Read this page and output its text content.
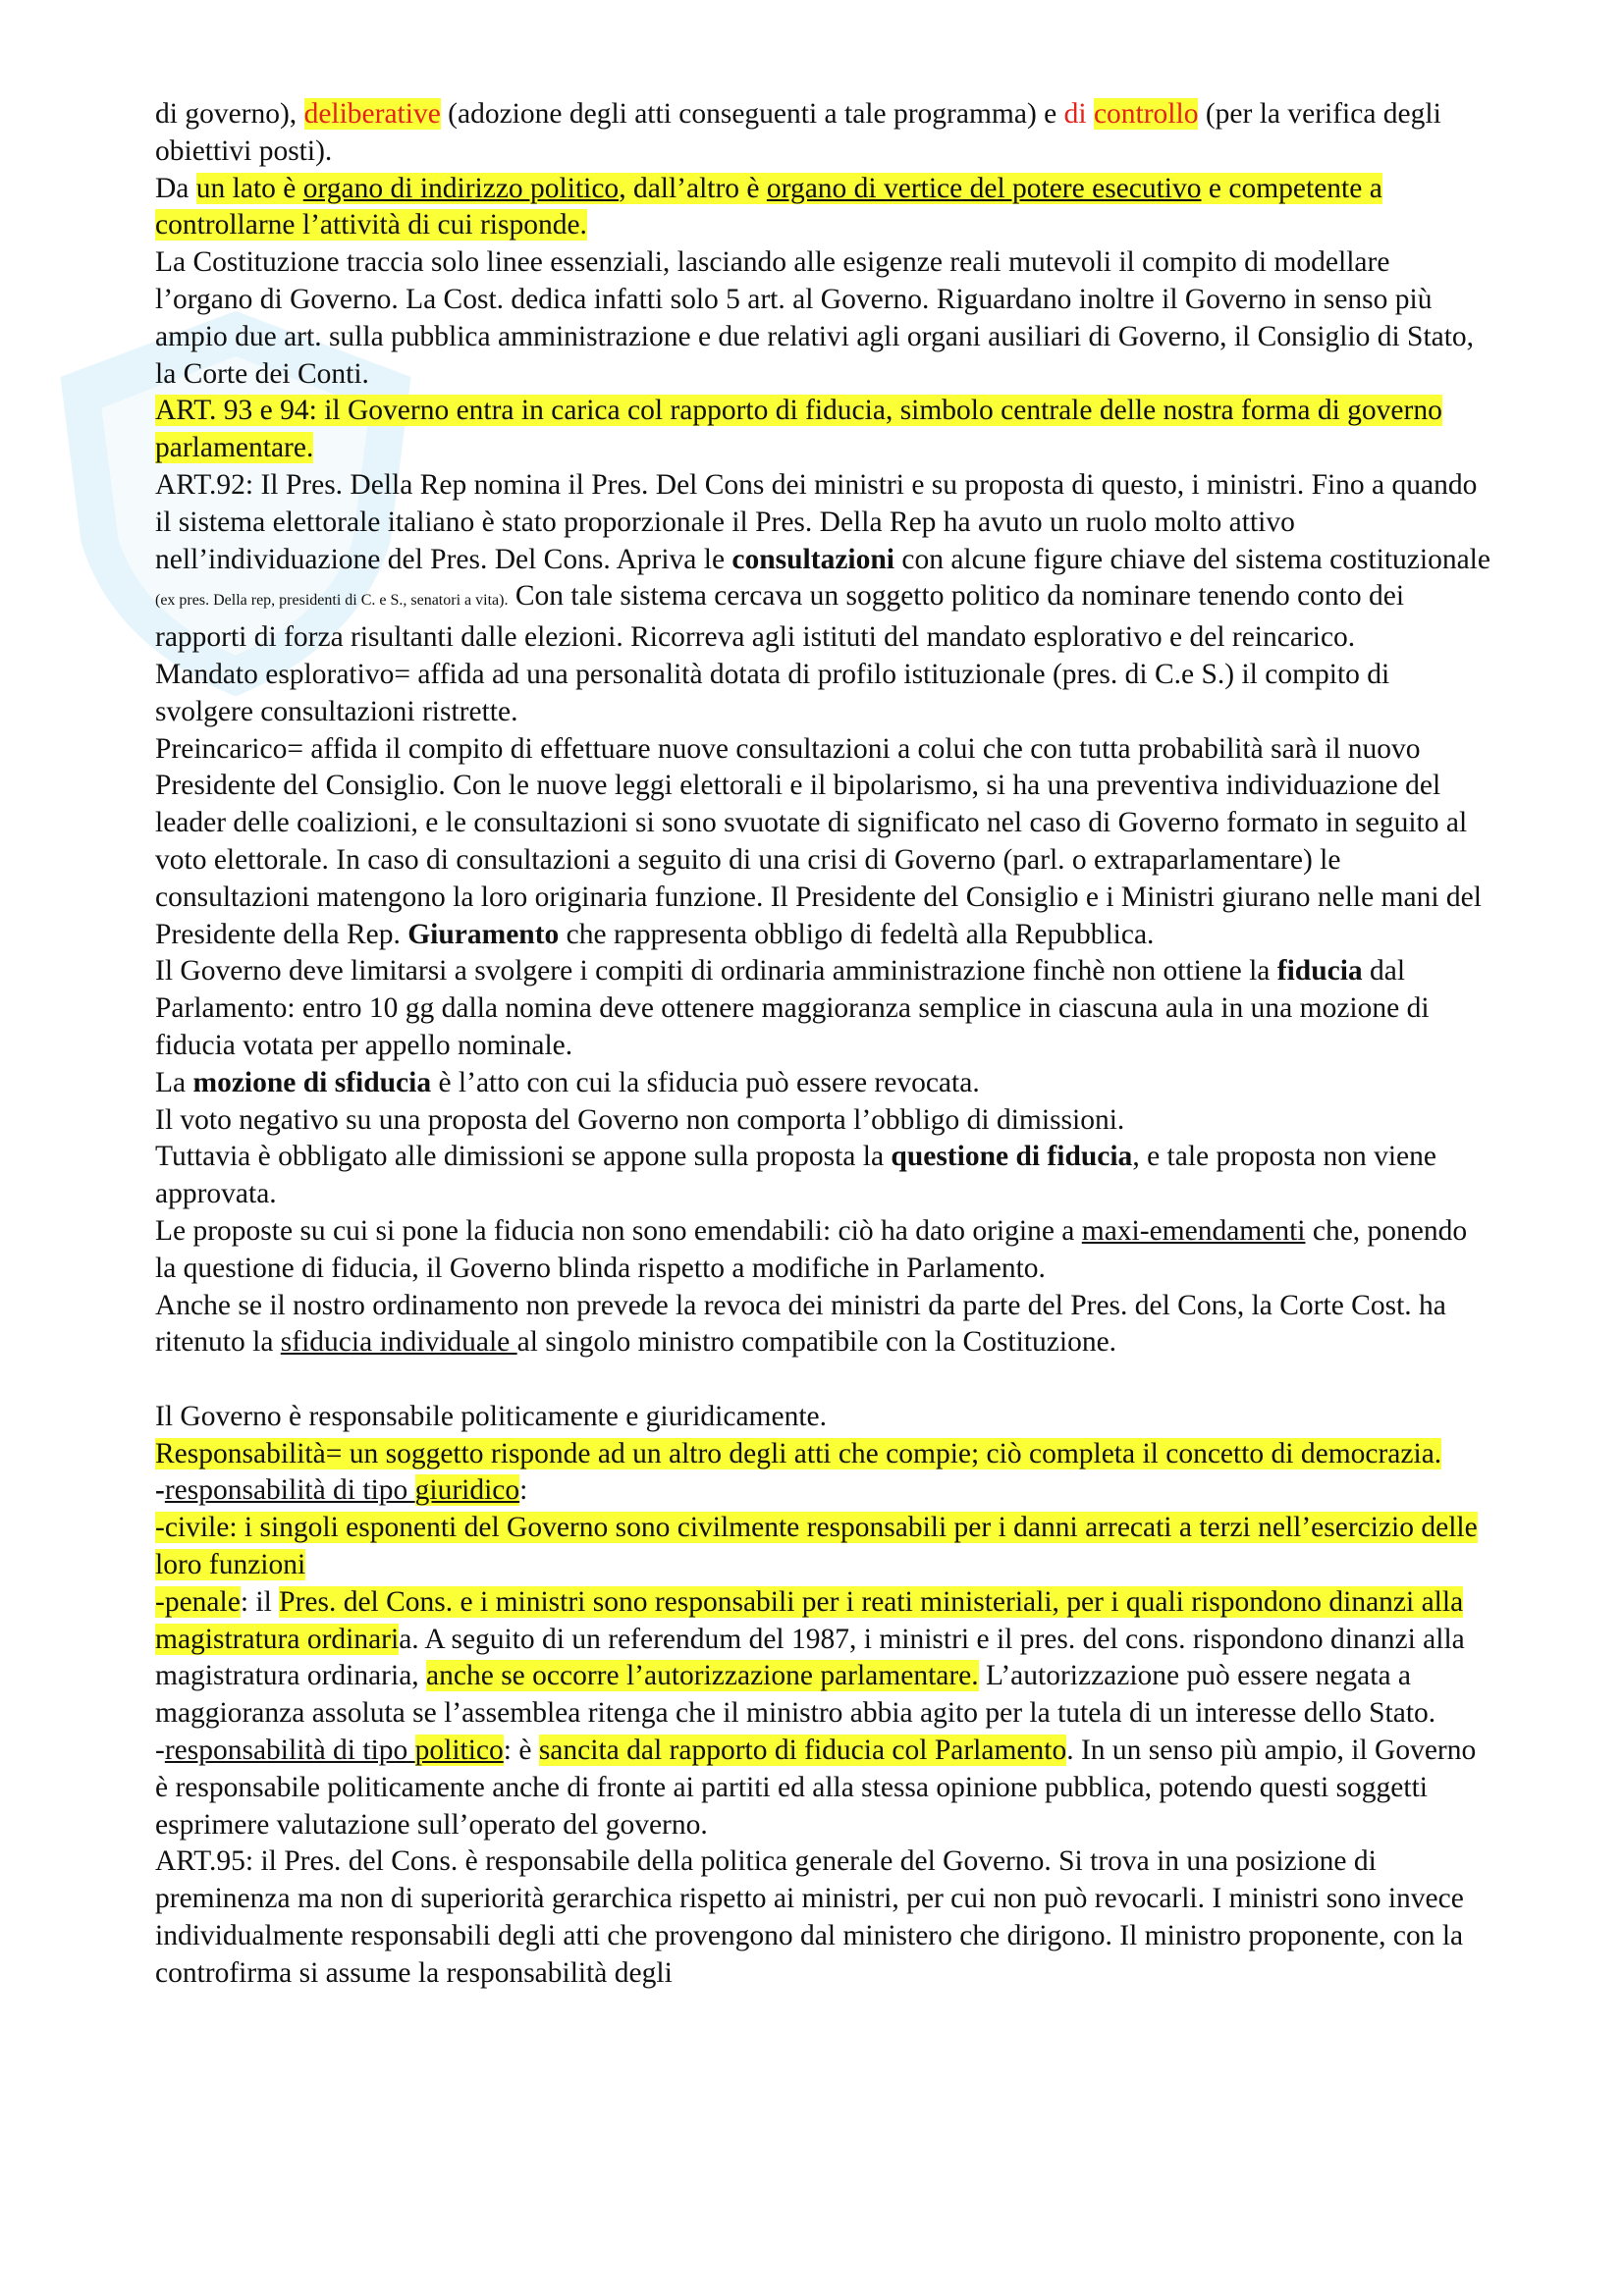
di governo), deliberative (adozione degli atti conseguenti a tale programma) e di controllo (per la verifica degli obiettivi posti).

Da un lato è organo di indirizzo politico, dall’altro è organo di vertice del potere esecutivo e competente a controllarne l’attività di cui risponde.

La Costituzione traccia solo linee essenziali, lasciando alle esigenze reali mutevoli il compito di modellare l’organo di Governo. La Cost. dedica infatti solo 5 art. al Governo. Riguardano inoltre il Governo in senso più ampio due art. sulla pubblica amministrazione e due relativi agli organi ausiliari di Governo, il Consiglio di Stato, la Corte dei Conti.

ART. 93 e 94: il Governo entra in carica col rapporto di fiducia, simbolo centrale delle nostra forma di governo parlamentare.

ART.92: Il Pres. Della Rep nomina il Pres. Del Cons dei ministri e su proposta di questo, i ministri. Fino a quando il sistema elettorale italiano è stato proporzionale il Pres. Della Rep ha avuto un ruolo molto attivo nell’individuazione del Pres. Del Cons. Apriva le consultazioni con alcune figure chiave del sistema costituzionale (ex pres. Della rep, presidenti di C. e S., senatori a vita). Con tale sistema cercava un soggetto politico da nominare tenendo conto dei rapporti di forza risultanti dalle elezioni. Ricorreva agli istituti del mandato esplorativo e del reincarico.

Mandato esplorativo= affida ad una personalità dotata di profilo istituzionale (pres. di C.e S.) il compito di svolgere consultazioni ristrette.

Preincarico= affida il compito di effettuare nuove consultazioni a colui che con tutta probabilità sarà il nuovo Presidente del Consiglio. Con le nuove leggi elettorali e il bipolarismo, si ha una preventiva individuazione del leader delle coalizioni, e le consultazioni si sono svuotate di significato nel caso di Governo formato in seguito al voto elettorale. In caso di consultazioni a seguito di una crisi di Governo (parl. o extraparlamentare) le consultazioni matengono la loro originaria funzione. Il Presidente del Consiglio e i Ministri giurano nelle mani del Presidente della Rep. Giuramento che rappresenta obbligo di fedeltà alla Repubblica.

Il Governo deve limitarsi a svolgere i compiti di ordinaria amministrazione finchè non ottiene la fiducia dal Parlamento: entro 10 gg dalla nomina deve ottenere maggioranza semplice in ciascuna aula in una mozione di fiducia votata per appello nominale.

La mozione di sfiducia è l’atto con cui la sfiducia può essere revocata.

Il voto negativo su una proposta del Governo non comporta l’obbligo di dimissioni.

Tuttavia è obbligato alle dimissioni se appone sulla proposta la questione di fiducia, e tale proposta non viene approvata.

Le proposte su cui si pone la fiducia non sono emendabili: ciò ha dato origine a maxi-emendamenti che, ponendo la questione di fiducia, il Governo blinda rispetto a modifiche in Parlamento.

Anche se il nostro ordinamento non prevede la revoca dei ministri da parte del Pres. del Cons, la Corte Cost. ha ritenuto la sfiducia individuale al singolo ministro compatibile con la Costituzione.

Il Governo è responsabile politicamente e giuridicamente.

Responsabilità= un soggetto risponde ad un altro degli atti che compie; ciò completa il concetto di democrazia.

-responsabilità di tipo giuridico:

-civile: i singoli esponenti del Governo sono civilmente responsabili per i danni arrecati a terzi nell’esercizio delle loro funzioni

-penale: il Pres. del Cons. e i ministri sono responsabili per i reati ministeriali, per i quali rispondono dinanzi alla magistratura ordinaria. A seguito di un referendum del 1987, i ministri e il pres. del cons. rispondono dinanzi alla magistratura ordinaria, anche se occorre l’autorizzazione parlamentare. L’autorizzazione può essere negata a maggioranza assoluta se l’assemblea ritenga che il ministro abbia agito per la tutela di un interesse dello Stato.

-responsabilità di tipo politico: è sancita dal rapporto di fiducia col Parlamento. In un senso più ampio, il Governo è responsabile politicamente anche di fronte ai partiti ed alla stessa opinione pubblica, potendo questi soggetti esprimere valutazione sull’operato del governo.

ART.95: il Pres. del Cons. è responsabile della politica generale del Governo. Si trova in una posizione di preminenza ma non di superiorità gerarchica rispetto ai ministri, per cui non può revocarli. I ministri sono invece individualmente responsabili degli atti che provengono dal ministero che dirigono. Il ministro proponente, con la controfirma si assume la responsabilità degli
